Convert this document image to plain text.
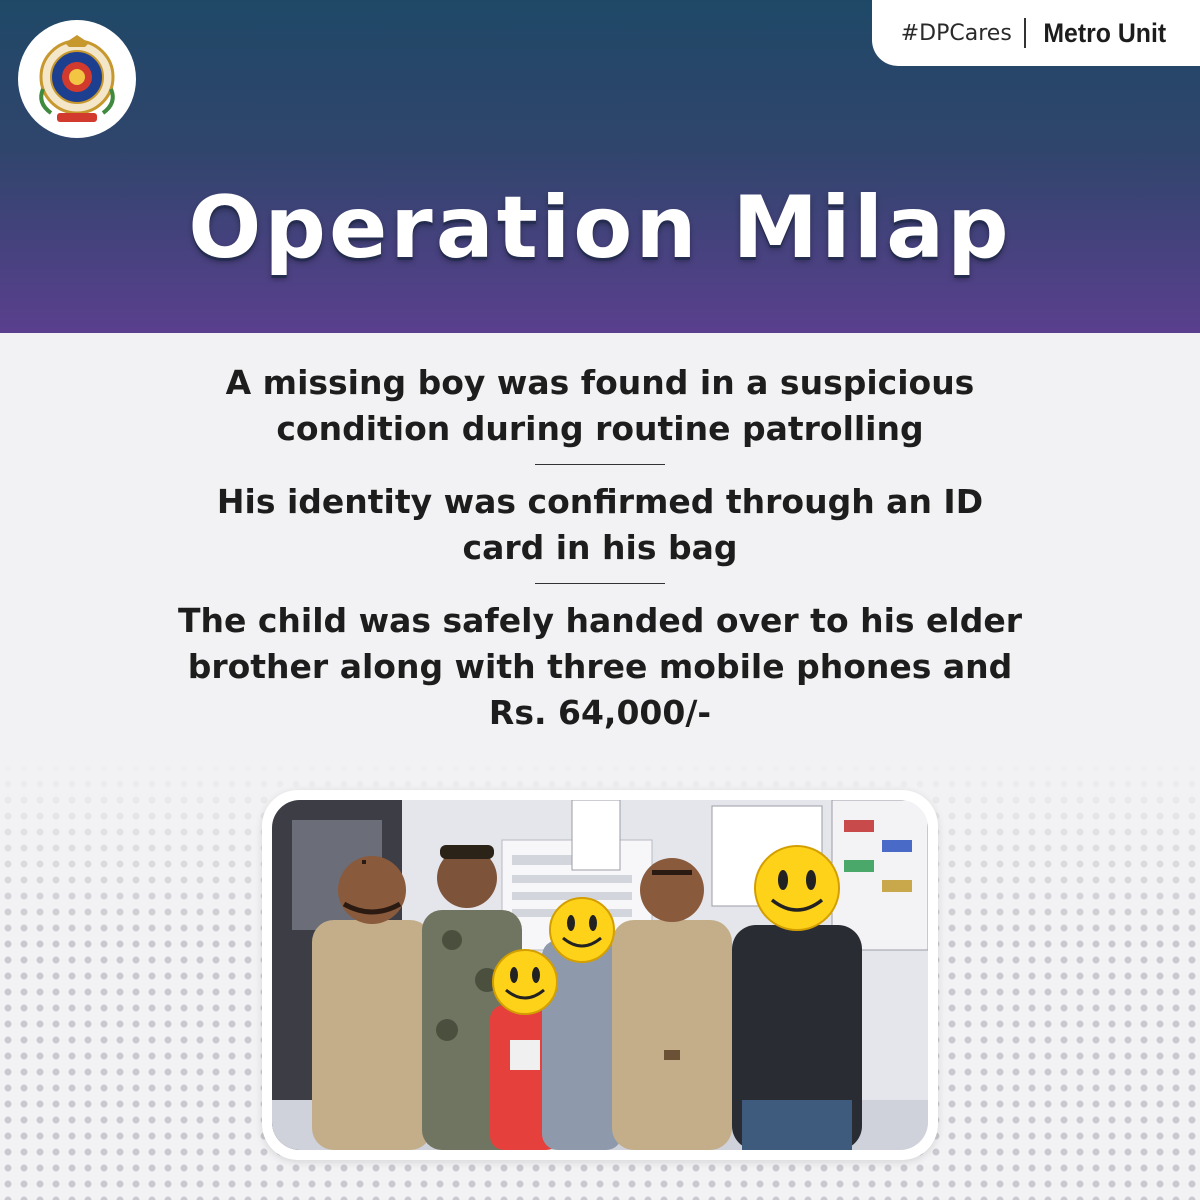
#DPCares Metro Unit
Operation Milap

A missing boy was found in a suspicious condition during routine patrolling

His identity was confirmed through an ID card in his bag

The child was safely handed over to his elder brother along with three mobile phones and Rs. 64,000/-
